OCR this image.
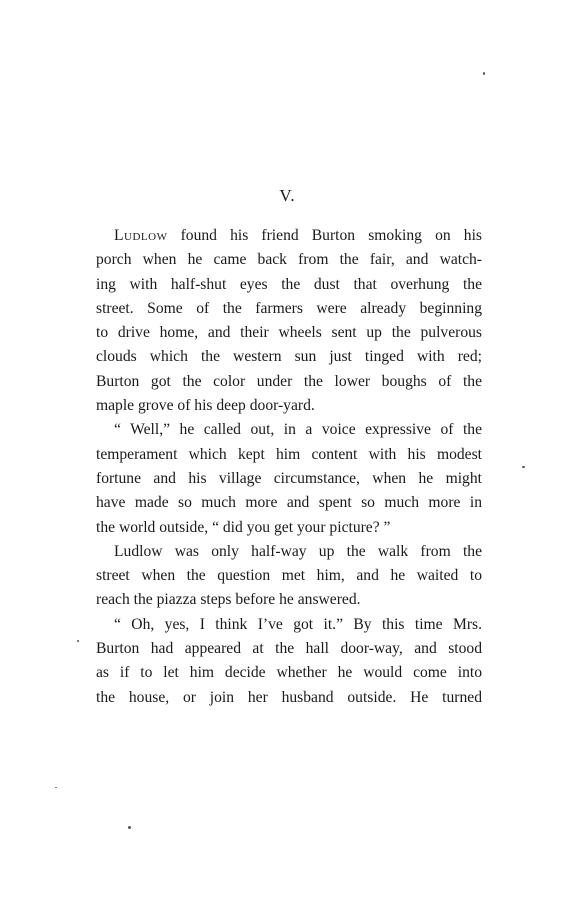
V.
Ludlow found his friend Burton smoking on his
porch when he came back from the fair, and watch-
ing with half-shut eyes the dust that overhung the
street. Some of the farmers were already beginning
to drive home, and their wheels sent up the pulverous
clouds which the western sun just tinged with red;
Burton got the color under the lower boughs of the
maple grove of his deep door-yard.
“ Well,” he called out, in a voice expressive of the
temperament which kept him content with his modest
fortune and his village circumstance, when he might
have made so much more and spent so much more in
the world outside, “ did you get your picture? ”
Ludlow was only half-way up the walk from the
street when the question met him, and he waited to
reach the piazza steps before he answered.
“ Oh, yes, I think I’ve got it.” By this time Mrs.
Burton had appeared at the hall door-way, and stood
as if to let him decide whether he would come into
the house, or join her husband outside. He turned
